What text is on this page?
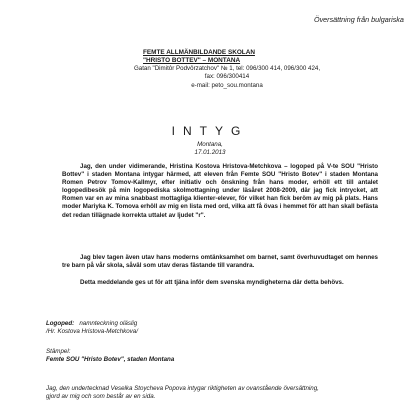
Översättning från bulgariska

FEMTE ALLMÄNBILDANDE SKOLAN "HRISTO BOTTEV" – MONTANA

Gatan "Dimitôr Podvôrzatchov" № 1, tel: 096/300 414, 096/300 424, fax: 096/300414
e-mail: peto_sou.montana

INTYG

Montana,
17.01.2013

Jag, den under vidimerande, Hristina Kostova Hristova-Metchkova – logoped på V-te SOU "Hristo Bottev" i staden Montana intygar härmed, att eleven från Femte SOU "Hristo Botev" i staden Montana Romen Petrov Tomov-Kallmyr, efter initiativ och önskning från hans moder, erhöll ett till antalet logopedibesök på min logopediska skolmottagning under läsåret 2008-2009, där jag fick intrycket, att Romen var en av mina snabbast mottagliga klienter-elever, för vilket han fick beröm av mig på plats. Hans moder Mariyka K. Tomova erhöll av mig en lista med ord, vilka att få övas i hemmet för att han skall befästa det redan tillägnade korrekta uttalet av ljudet "r".

Jag blev tagen även utav hans moderns omtänksamhet om barnet, samt överhuvudtaget om hennes tre barn på vår skola, såväl som utav deras fästande till varandra.

Detta meddelande ges ut för att tjäna inför dem svenska myndigheterna där detta behövs.

Logoped: namnteckning oläslig
/Hr. Kostova Hristova-Metchkova/
Stämpel:
Femte SOU "Hristo Botev", staden Montana
Jag, den undertecknad Veselka Stoycheva Popova intygar riktigheten av ovanstående översättning,
gjord av mig och som består av en sida.
